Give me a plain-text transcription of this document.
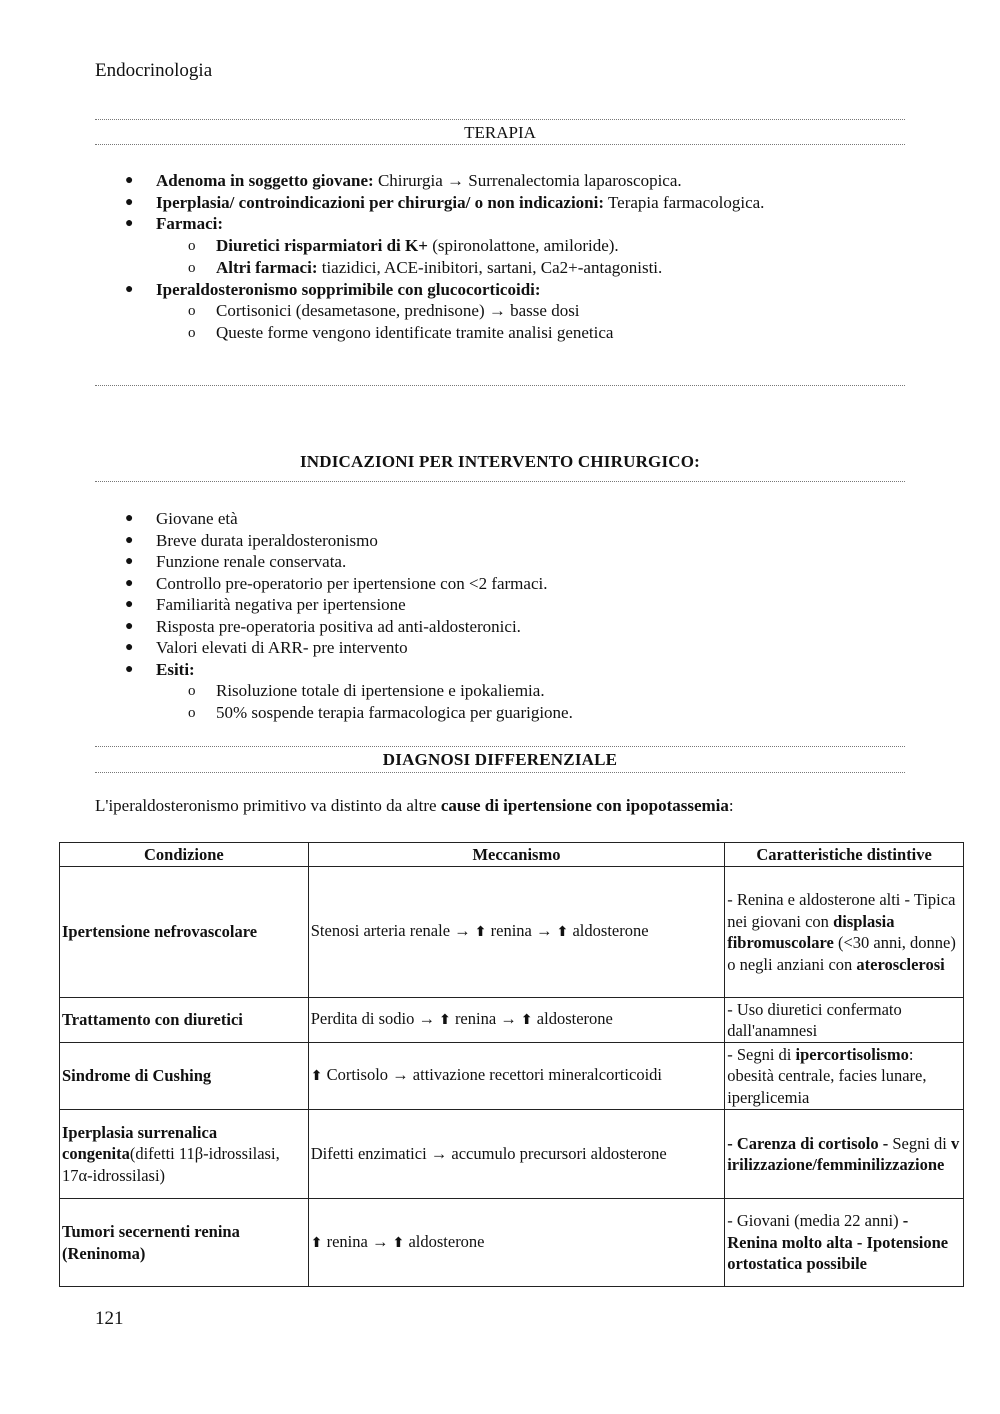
Endocrinologia
TERAPIA
● Adenoma in soggetto giovane: Chirurgia → Surrenalectomia laparoscopica.
● Iperplasia/ controindicazioni per chirurgia/ o non indicazioni: Terapia farmacologica.
● Farmaci:
o Diuretici risparmiatori di K+ (spironolattone, amiloride).
o Altri farmaci: tiazidici, ACE-inibitori, sartani, Ca2+-antagonisti.
● Iperaldosteronismo sopprimibile con glucocorticoidi:
o Cortisonici (desametasone, prednisone) → basse dosi
o Queste forme vengono identificate tramite analisi genetica
INDICAZIONI PER INTERVENTO CHIRURGICO:
● Giovane età
● Breve durata iperaldosteronismo
● Funzione renale conservata.
● Controllo pre-operatorio per ipertensione con <2 farmaci.
● Familiarità negativa per ipertensione
● Risposta pre-operatoria positiva ad anti-aldosteronici.
● Valori elevati di ARR- pre intervento
● Esiti:
o Risoluzione totale di ipertensione e ipokaliemia.
o 50% sospende terapia farmacologica per guarigione.
DIAGNOSI DIFFERENZIALE
L'iperaldosteronismo primitivo va distinto da altre cause di ipertensione con ipopotassemia:
Condizione	Meccanismo	Caratteristiche distintive
Ipertensione nefrovascolare	Stenosi arteria renale → ⬆ renina → ⬆ aldosterone	- Renina e aldosterone alti - Tipica nei giovani con displasia fibromuscolare (<30 anni, donne) o negli anziani con aterosclerosi
Trattamento con diuretici	Perdita di sodio → ⬆ renina → ⬆ aldosterone	- Uso diuretici confermato dall'anamnesi
Sindrome di Cushing	⬆ Cortisolo → attivazione recettori mineralcorticoidi	- Segni di ipercortisolismo: obesità centrale, facies lunare, iperglicemia
Iperplasia surrenalica congenita(difetti 11β-idrossilasi, 17α-idrossilasi)	Difetti enzimatici → accumulo precursori aldosterone	- Carenza di cortisolo - Segni di virilizzazione/femminilizzazione
Tumori secernenti renina (Reninoma)	⬆ renina → ⬆ aldosterone	- Giovani (media 22 anni) - Renina molto alta - Ipotensione ortostatica possibile
121
